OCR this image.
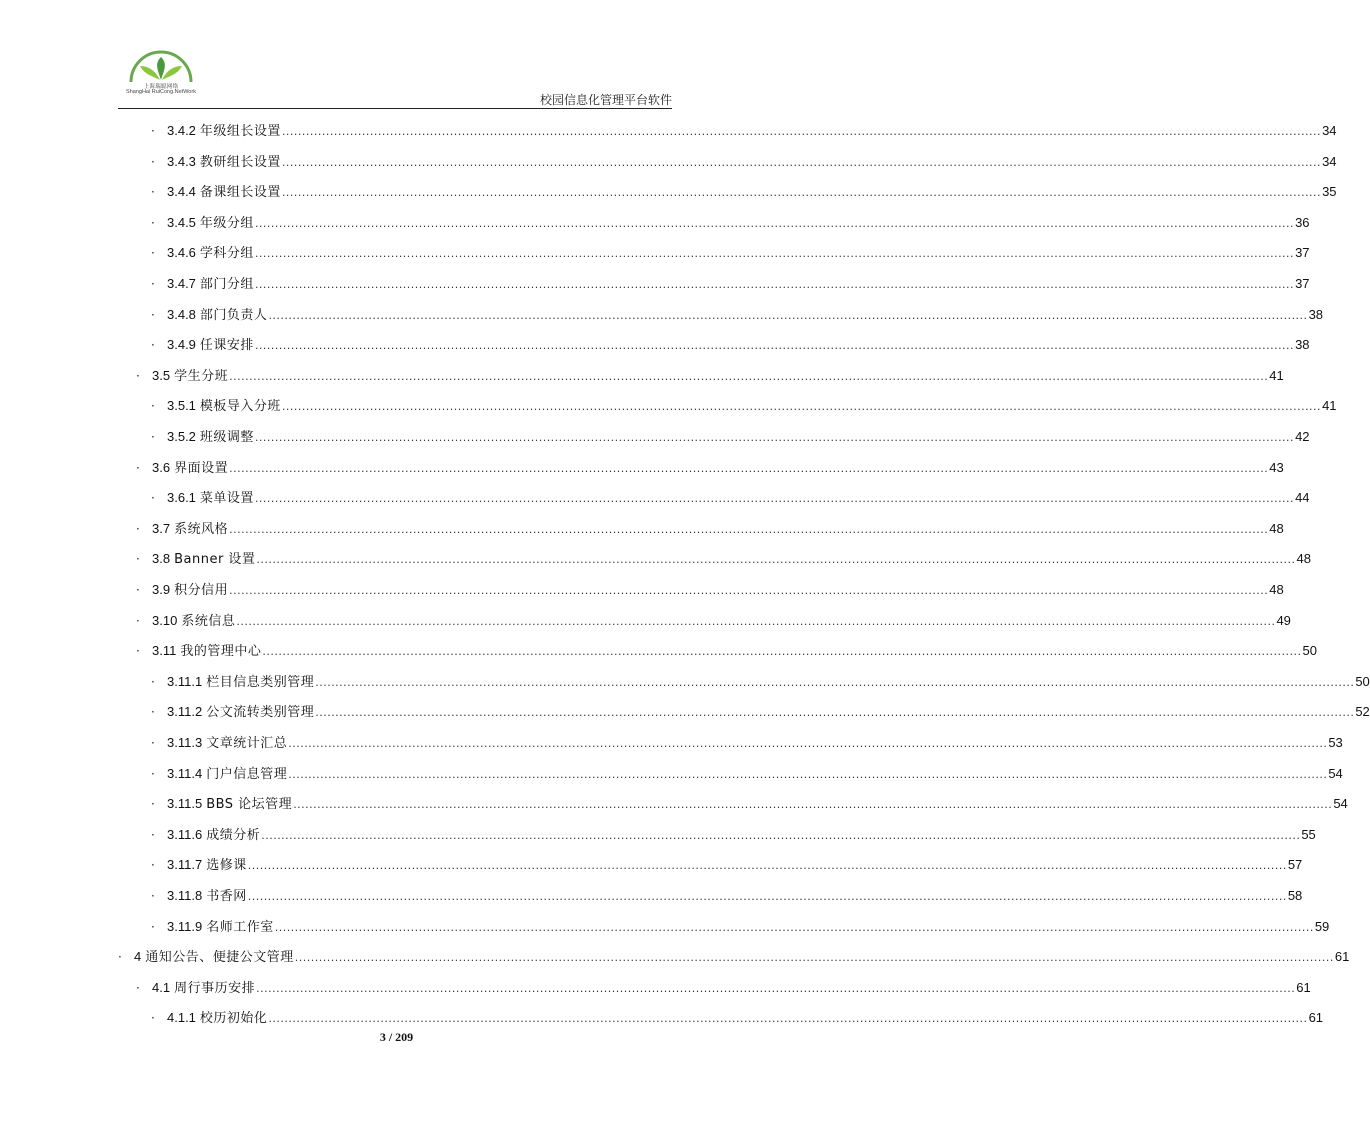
上海瑞聪网络
ShangHai RuiCong.NetWork
校园信息化管理平台软件
· 3.4.2 年级组长设置 .................................................................................................................................................................................................................................................................... 34
· 3.4.3 教研组长设置 .................................................................................................................................................................................................................................................................... 34
· 3.4.4 备课组长设置 .................................................................................................................................................................................................................................................................... 35
· 3.4.5 年级分组 .................................................................................................................................................................................................................................................................... 36
· 3.4.6 学科分组 .................................................................................................................................................................................................................................................................... 37
· 3.4.7 部门分组 .................................................................................................................................................................................................................................................................... 37
· 3.4.8 部门负责人 .................................................................................................................................................................................................................................................................... 38
· 3.4.9 任课安排 .................................................................................................................................................................................................................................................................... 38
· 3.5 学生分班 .................................................................................................................................................................................................................................................................... 41
· 3.5.1 模板导入分班 .................................................................................................................................................................................................................................................................... 41
· 3.5.2 班级调整 .................................................................................................................................................................................................................................................................... 42
· 3.6 界面设置 .................................................................................................................................................................................................................................................................... 43
· 3.6.1 菜单设置 .................................................................................................................................................................................................................................................................... 44
· 3.7 系统风格 .................................................................................................................................................................................................................................................................... 48
· 3.8 Banner 设置 .................................................................................................................................................................................................................................................................... 48
· 3.9 积分信用 .................................................................................................................................................................................................................................................................... 48
· 3.10 系统信息 .................................................................................................................................................................................................................................................................... 49
· 3.11 我的管理中心 .................................................................................................................................................................................................................................................................... 50
· 3.11.1 栏目信息类别管理 .................................................................................................................................................................................................................................................................... 50
· 3.11.2 公文流转类别管理 .................................................................................................................................................................................................................................................................... 52
· 3.11.3 文章统计汇总 .................................................................................................................................................................................................................................................................... 53
· 3.11.4 门户信息管理 .................................................................................................................................................................................................................................................................... 54
· 3.11.5 BBS 论坛管理 .................................................................................................................................................................................................................................................................... 54
· 3.11.6 成绩分析 .................................................................................................................................................................................................................................................................... 55
· 3.11.7 选修课 .................................................................................................................................................................................................................................................................... 57
· 3.11.8 书香网 .................................................................................................................................................................................................................................................................... 58
· 3.11.9 名师工作室 .................................................................................................................................................................................................................................................................... 59
· 4 通知公告、便捷公文管理 .................................................................................................................................................................................................................................................................... 61
· 4.1 周行事历安排 .................................................................................................................................................................................................................................................................... 61
· 4.1.1 校历初始化 .................................................................................................................................................................................................................................................................... 61
3 / 209
